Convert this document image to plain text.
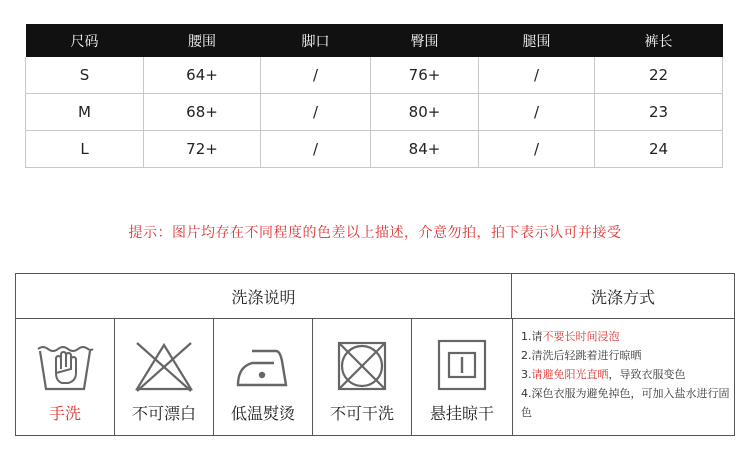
尺码	腰围	脚口	臀围	腿围	裤长
S	64+	/	76+	/	22
M	68+	/	80+	/	23
L	72+	/	84+	/	24
提示：图片均存在不同程度的色差以上描述，介意勿拍，拍下表示认可并接受
洗涤说明	洗涤方式
手洗	不可漂白	低温熨烫	不可干洗	悬挂晾干
1.请不要长时间浸泡
2.清洗后轻跳着进行晾晒
3.请避免阳光直晒，导致衣服变色
4.深色衣服为避免掉色，可加入盐水进行固色
